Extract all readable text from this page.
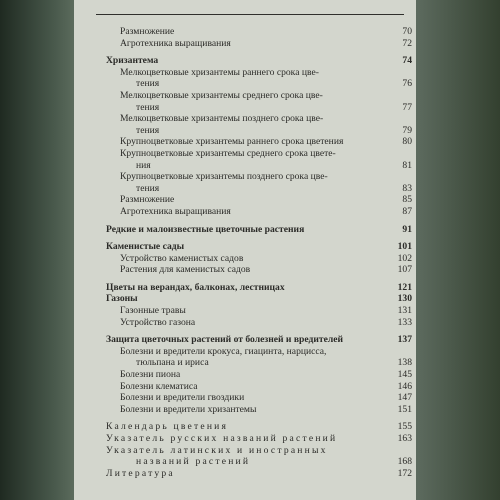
Размножение	70
Агротехника выращивания	72
Хризантема	74
Мелкоцветковые хризантемы раннего срока цве-
тения	76
Мелкоцветковые хризантемы среднего срока цве-
тения	77
Мелкоцветковые хризантемы позднего срока цве-
тения	79
Крупноцветковые хризантемы раннего срока цветения	80
Крупноцветковые хризантемы среднего срока цвете-
ния	81
Крупноцветковые хризантемы позднего срока цве-
тения	83
Размножение	85
Агротехника выращивания	87
Редкие и малоизвестные цветочные растения	91
Каменистые сады	101
Устройство каменистых садов	102
Растения для каменистых садов	107
Цветы на верандах, балконах, лестницах	121
Газоны	130
Газонные травы	131
Устройство газона	133
Защита цветочных растений от болезней и вредителей	137
Болезни и вредители крокуса, гиацинта, нарцисса,
тюльпана и ириса	138
Болезни пиона	145
Болезни клематиса	146
Болезни и вредители гвоздики	147
Болезни и вредители хризантемы	151
Календарь цветения	155
Указатель русских названий растений	163
Указатель латинских и иностранных
названий растений	168
Литература	172
